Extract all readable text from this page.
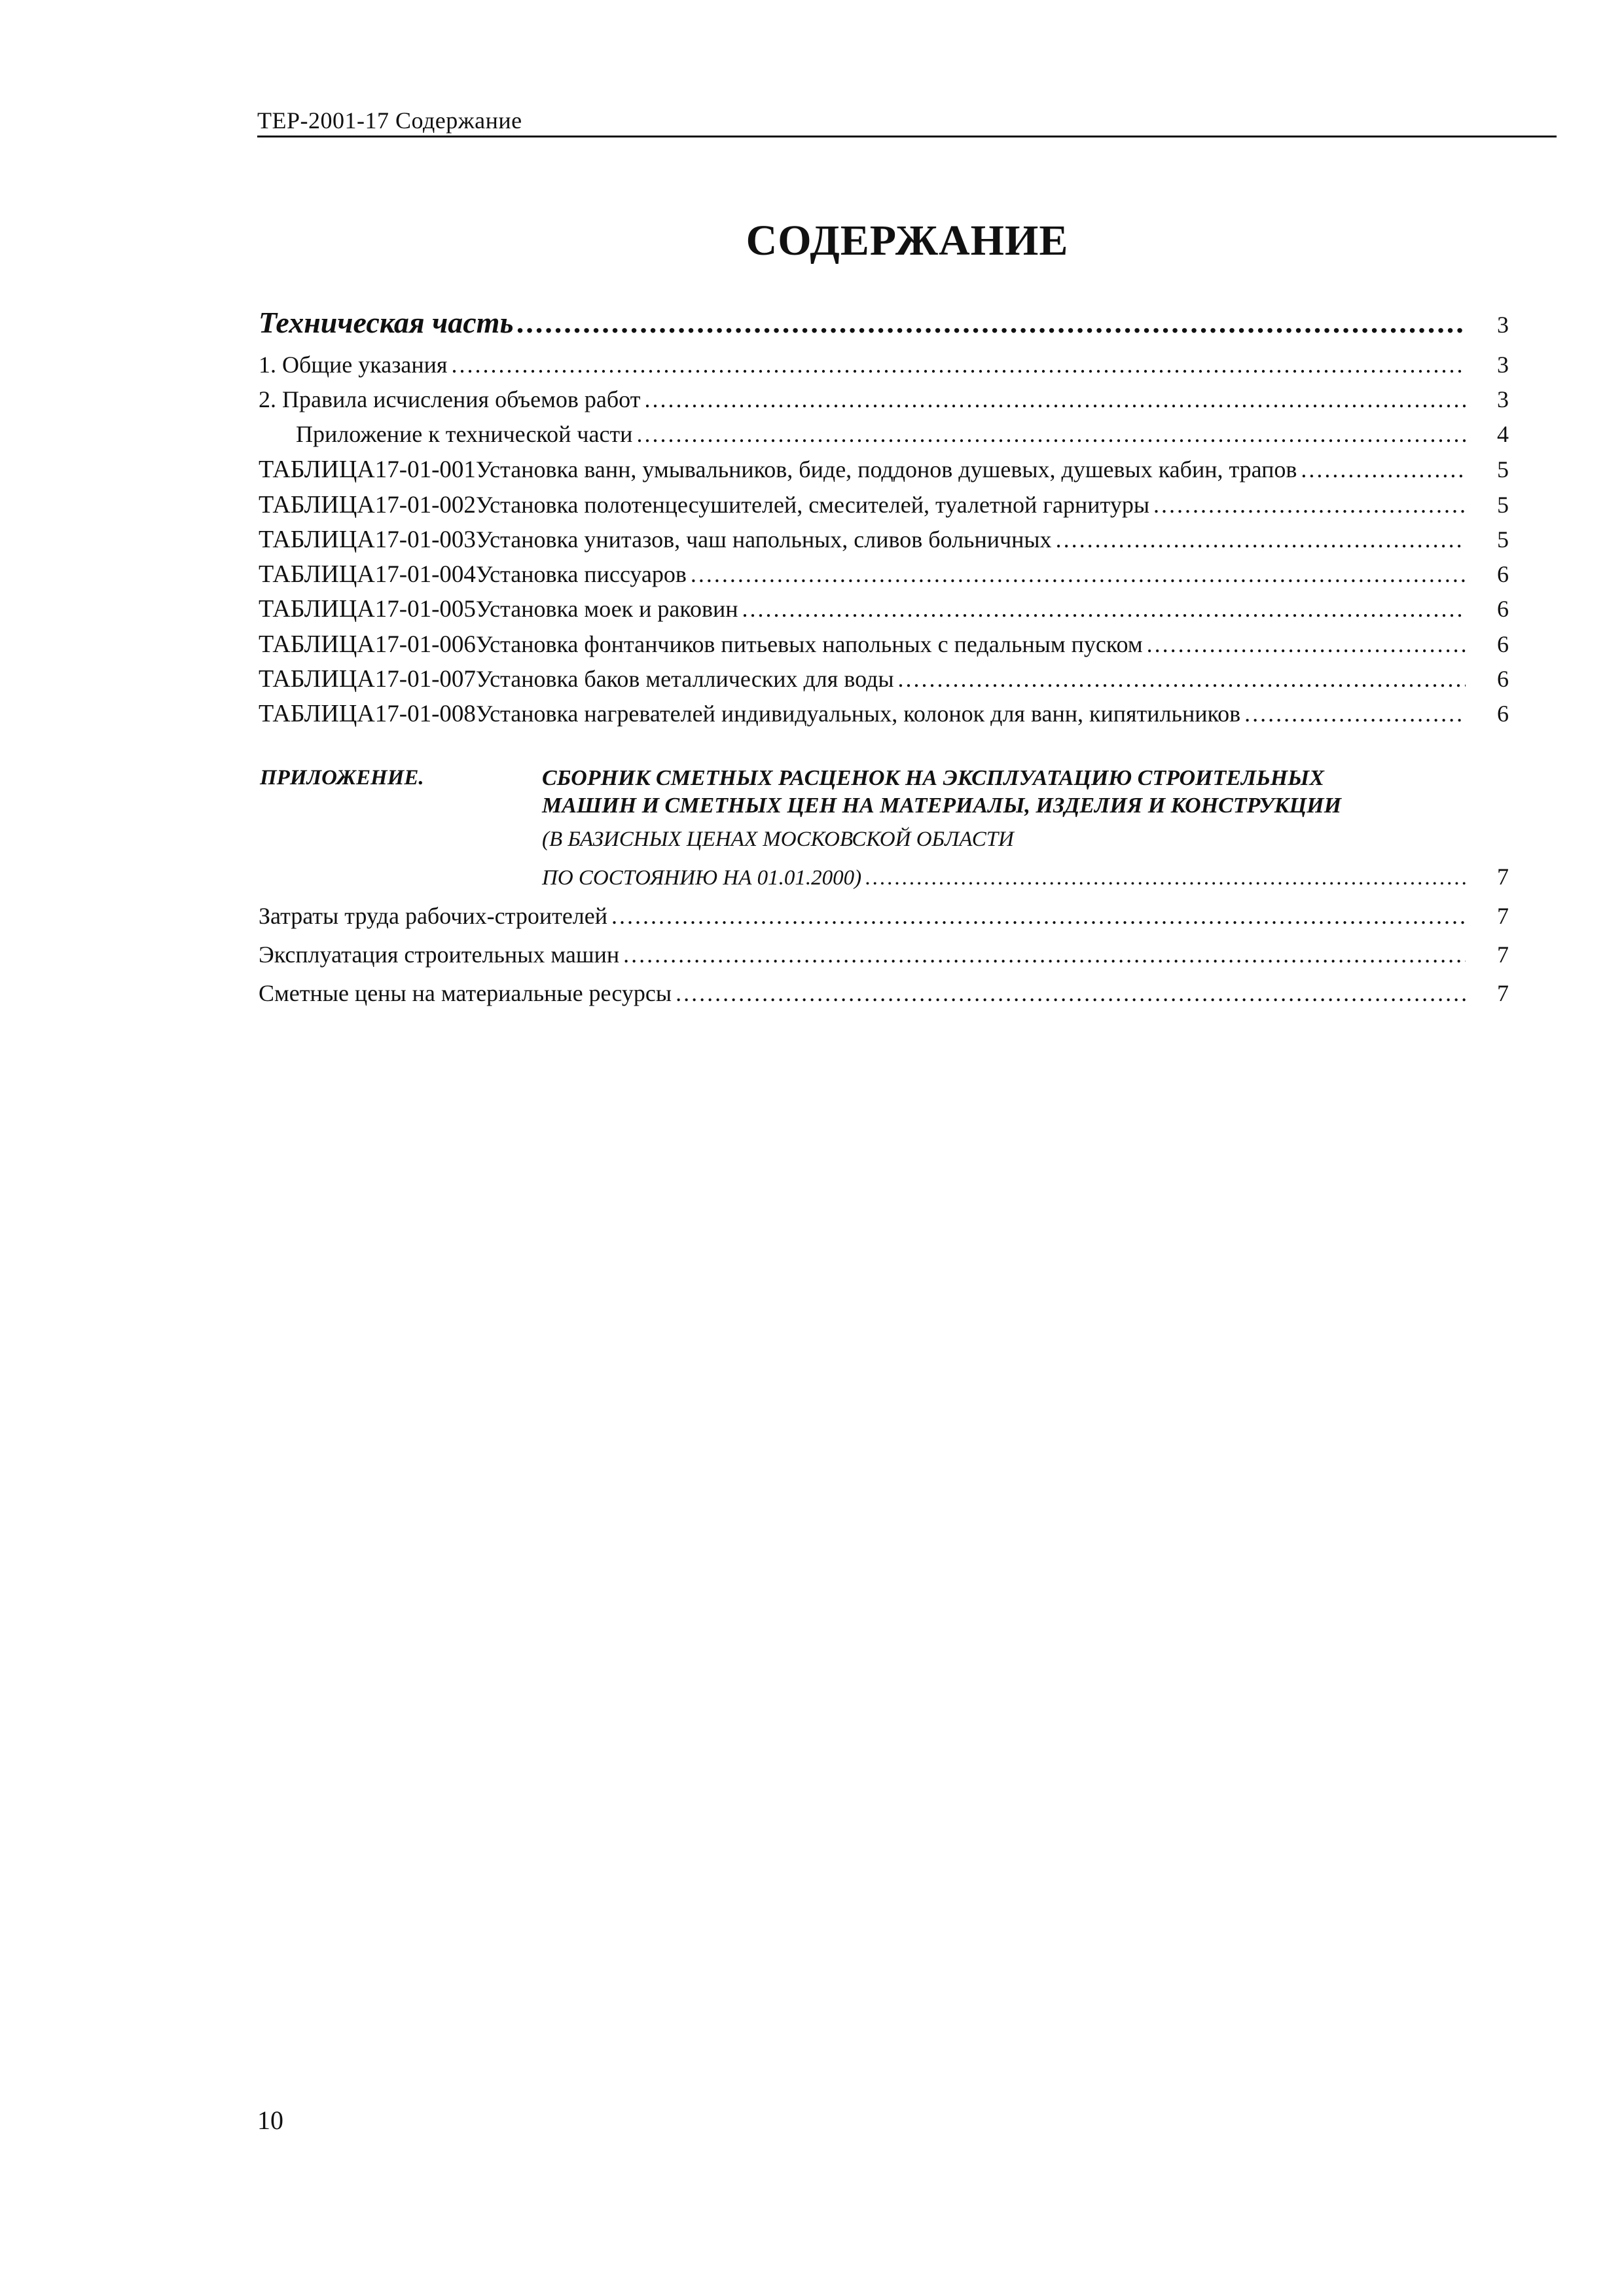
ТЕР-2001-17 Содержание
СОДЕРЖАНИЕ
Техническая часть .....	3
1. Общие указания .....	3
2. Правила исчисления объемов работ .....	3
Приложение к технической части .....	4
ТАБЛИЦА 17-01-001 Установка ванн, умывальников, биде, поддонов душевых, душевых кабин, трапов .....	5
ТАБЛИЦА 17-01-002 Установка полотенцесушителей, смесителей, туалетной гарнитуры .....	5
ТАБЛИЦА 17-01-003 Установка унитазов, чаш напольных, сливов больничных .....	5
ТАБЛИЦА 17-01-004 Установка писсуаров .....	6
ТАБЛИЦА 17-01-005 Установка моек и раковин .....	6
ТАБЛИЦА 17-01-006 Установка фонтанчиков питьевых напольных с педальным пуском .....	6
ТАБЛИЦА 17-01-007 Установка баков металлических для воды .....	6
ТАБЛИЦА 17-01-008 Установка нагревателей индивидуальных, колонок для ванн, кипятильников .....	6
ПРИЛОЖЕНИЕ.	СБОРНИК СМЕТНЫХ РАСЦЕНОК НА ЭКСПЛУАТАЦИЮ СТРОИТЕЛЬНЫХ
МАШИН И СМЕТНЫХ ЦЕН НА МАТЕРИАЛЫ, ИЗДЕЛИЯ И КОНСТРУКЦИИ
(В БАЗИСНЫХ ЦЕНАХ МОСКОВСКОЙ ОБЛАСТИ
ПО СОСТОЯНИЮ НА 01.01.2000) .....	7
Затраты труда рабочих-строителей .....	7
Эксплуатация строительных машин .....	7
Сметные цены на материальные ресурсы .....	7
10
